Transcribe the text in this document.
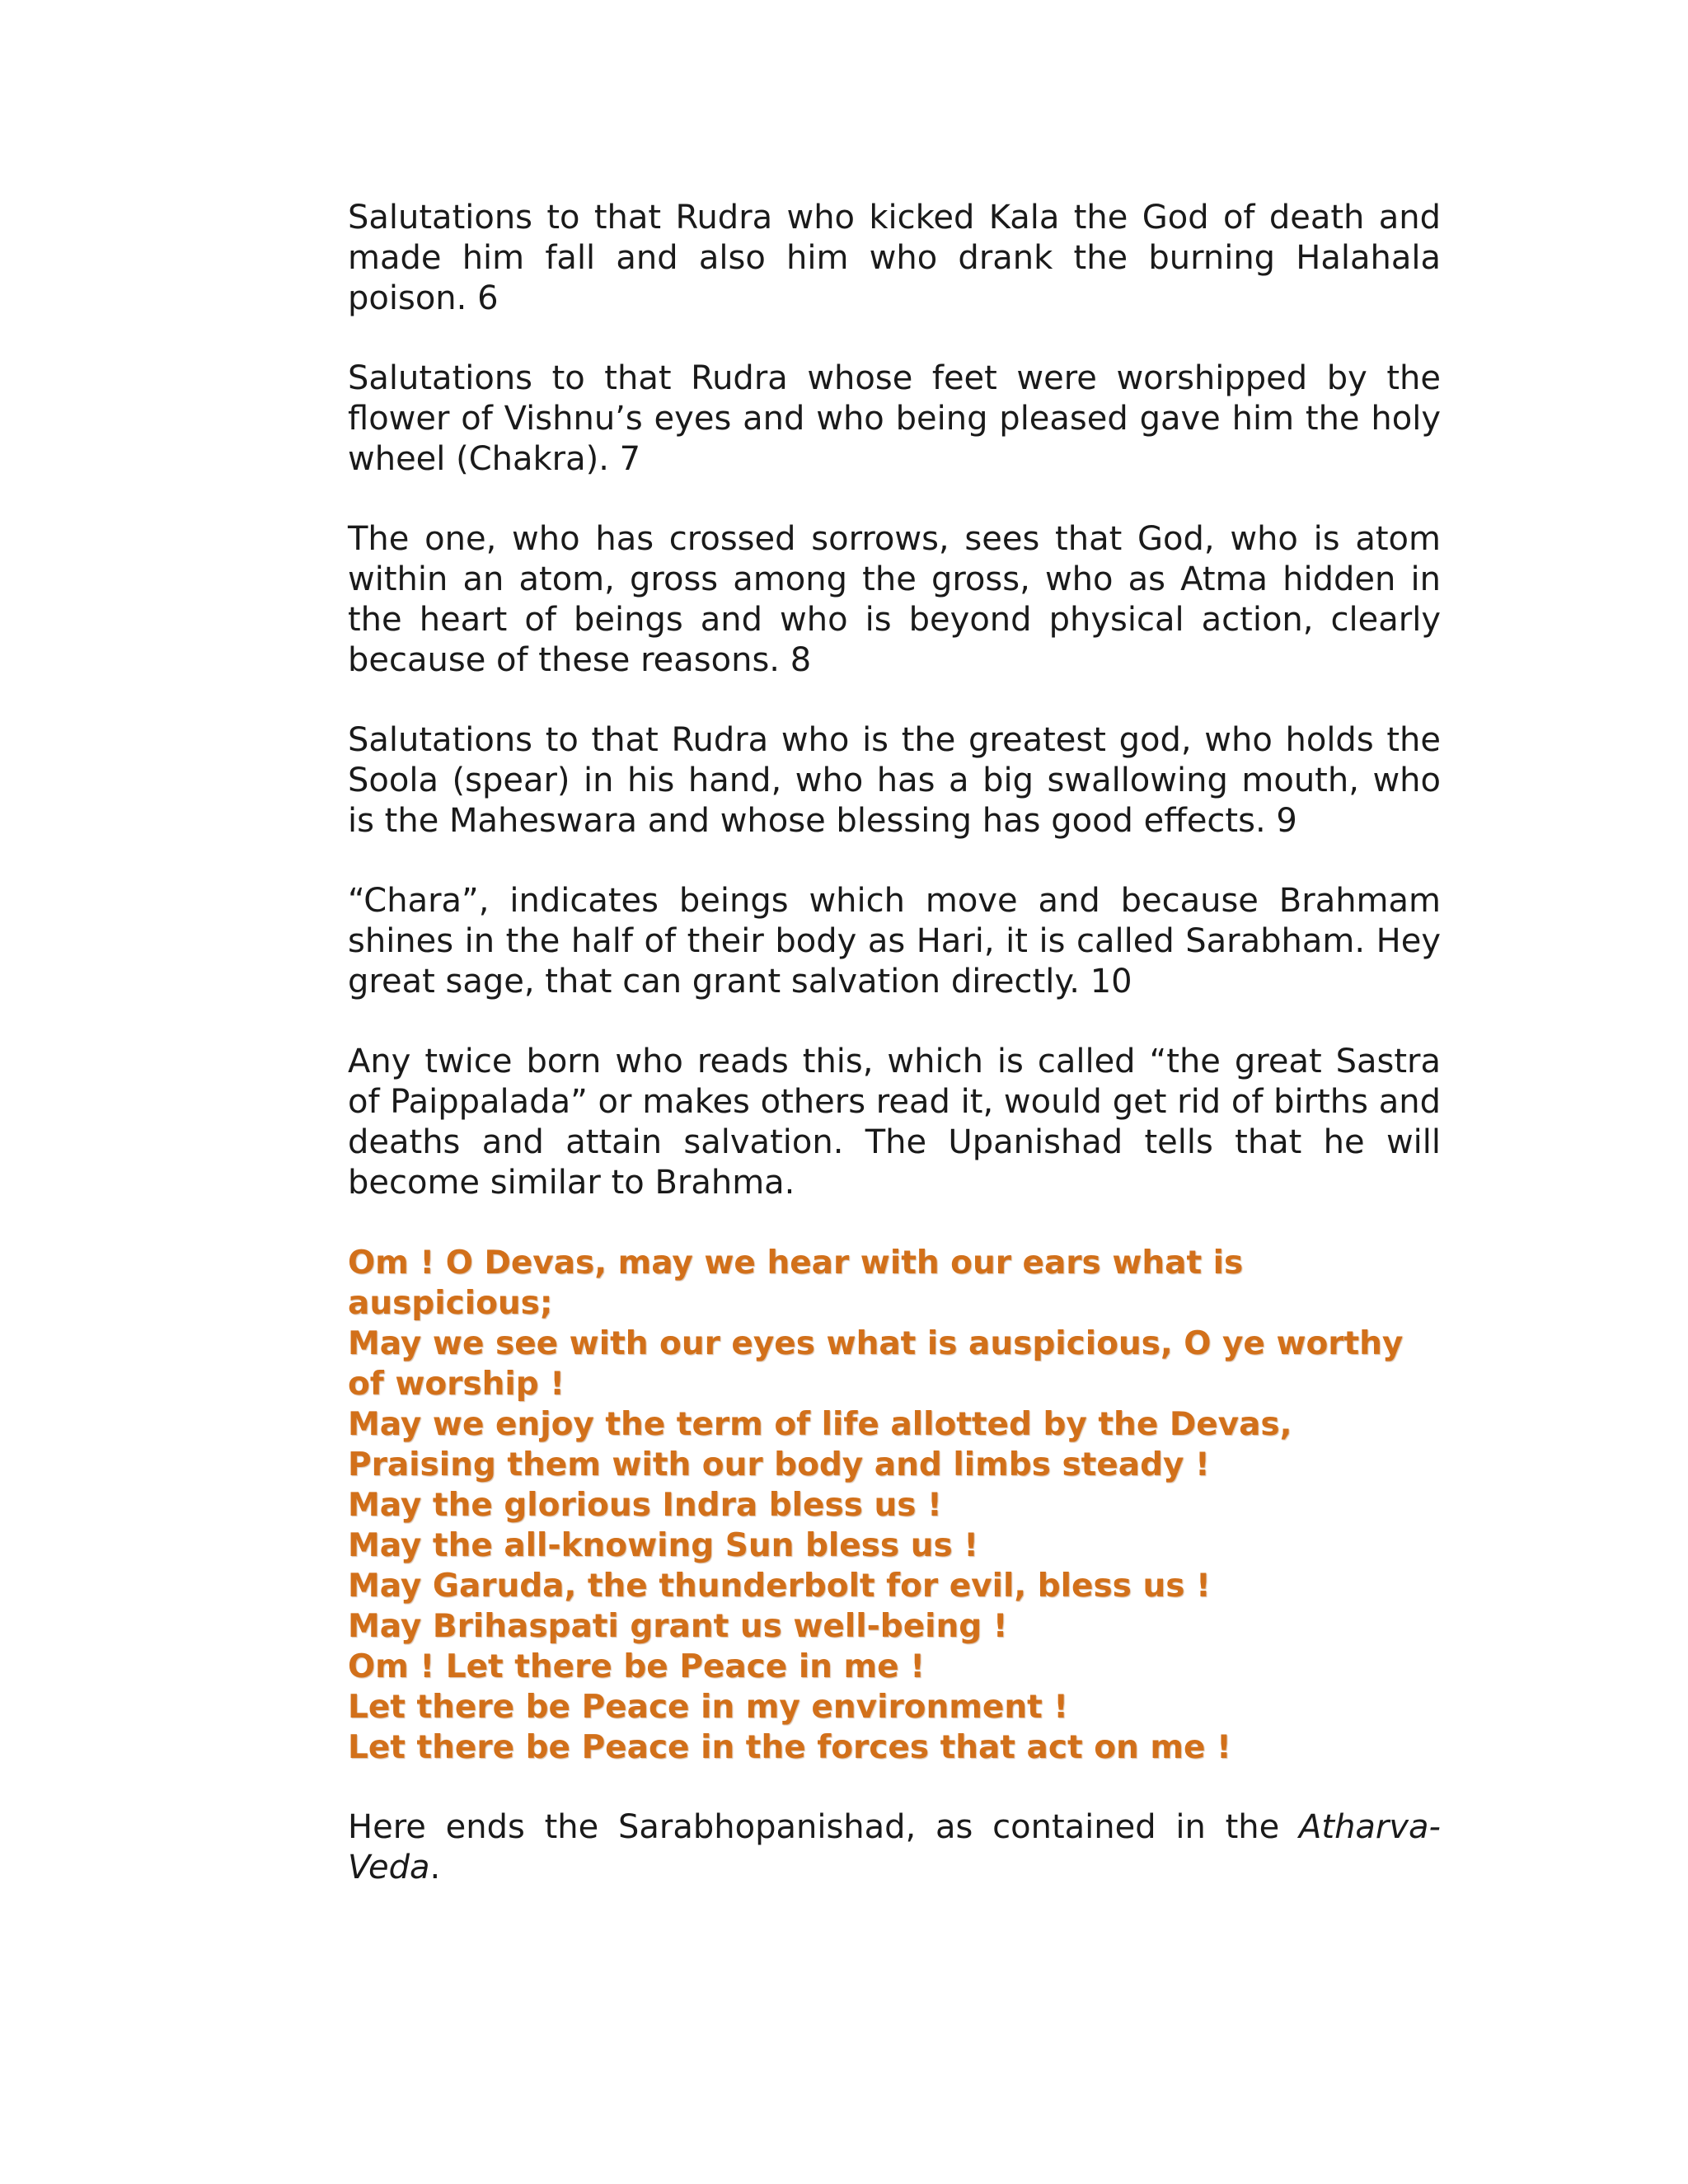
Salutations to that Rudra who kicked Kala the God of death and made him fall and also him who drank the burning Halahala poison. 6

Salutations to that Rudra whose feet were worshipped by the flower of Vishnu’s eyes and who being pleased gave him the holy wheel (Chakra). 7

The one, who has crossed sorrows, sees that God, who is atom within an atom, gross among the gross, who as Atma hidden in the heart of beings and who is beyond physical action, clearly because of these reasons. 8

Salutations to that Rudra who is the greatest god, who holds the Soola (spear) in his hand, who has a big swallowing mouth, who is the Maheswara and whose blessing has good effects. 9

“Chara”, indicates beings which move and because Brahmam shines in the half of their body as Hari, it is called Sarabham. Hey great sage, that can grant salvation directly. 10

Any twice born who reads this, which is called “the great Sastra of Paippalada” or makes others read it, would get rid of births and deaths and attain salvation. The Upanishad tells that he will become similar to Brahma.

Om ! O Devas, may we hear with our ears what is
auspicious;
May we see with our eyes what is auspicious, O ye worthy
of worship !
May we enjoy the term of life allotted by the Devas,
Praising them with our body and limbs steady !
May the glorious Indra bless us !
May the all-knowing Sun bless us !
May Garuda, the thunderbolt for evil, bless us !
May Brihaspati grant us well-being !
Om ! Let there be Peace in me !
Let there be Peace in my environment !
Let there be Peace in the forces that act on me !

Here ends the Sarabhopanishad, as contained in the Atharva-Veda.
